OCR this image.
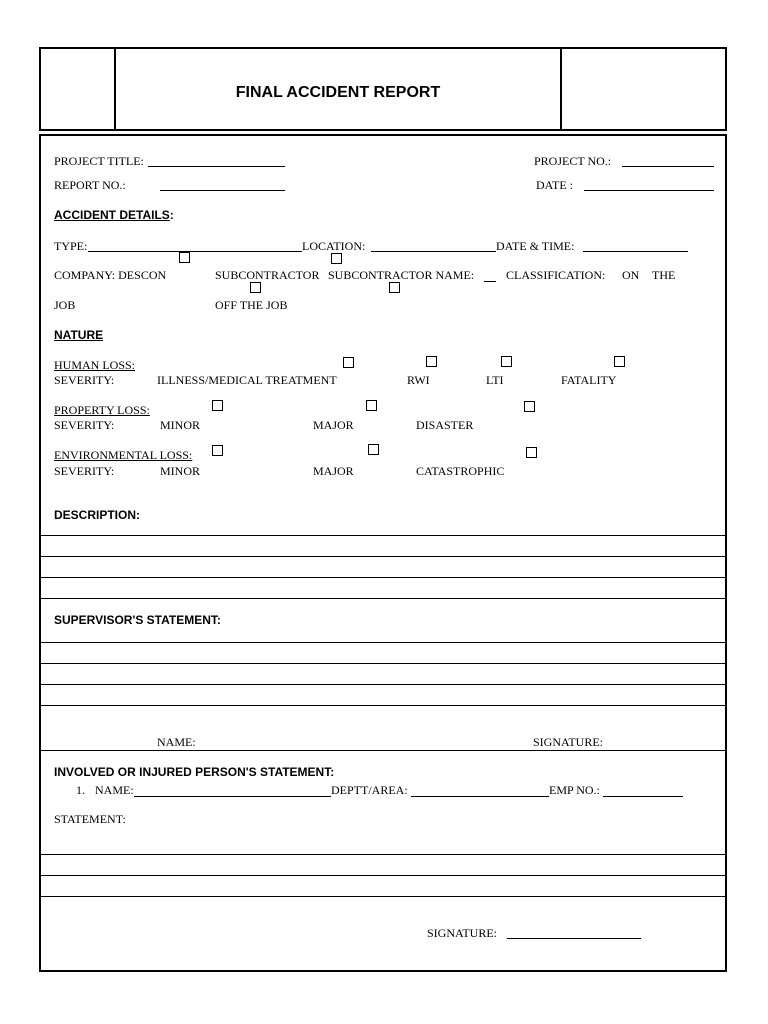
FINAL ACCIDENT REPORT
PROJECT TITLE:	PROJECT NO.:
REPORT NO.:	DATE :
ACCIDENT DETAILS:
TYPE:	LOCATION:	DATE & TIME:
COMPANY: DESCON	SUBCONTRACTOR SUBCONTRACTOR NAME:	CLASSIFICATION: ON THE
JOB	OFF THE JOB
NATURE
HUMAN LOSS:
SEVERITY:	ILLNESS/MEDICAL TREATMENT	RWI	LTI	FATALITY
PROPERTY LOSS:
SEVERITY:	MINOR	MAJOR	DISASTER
ENVIRONMENTAL LOSS:
SEVERITY:	MINOR	MAJOR	CATASTROPHIC
DESCRIPTION:
SUPERVISOR'S STATEMENT:
NAME:	SIGNATURE:
INVOLVED OR INJURED PERSON'S STATEMENT:
1. NAME:	DEPTT/AREA:	EMP NO.:
STATEMENT:
SIGNATURE:
